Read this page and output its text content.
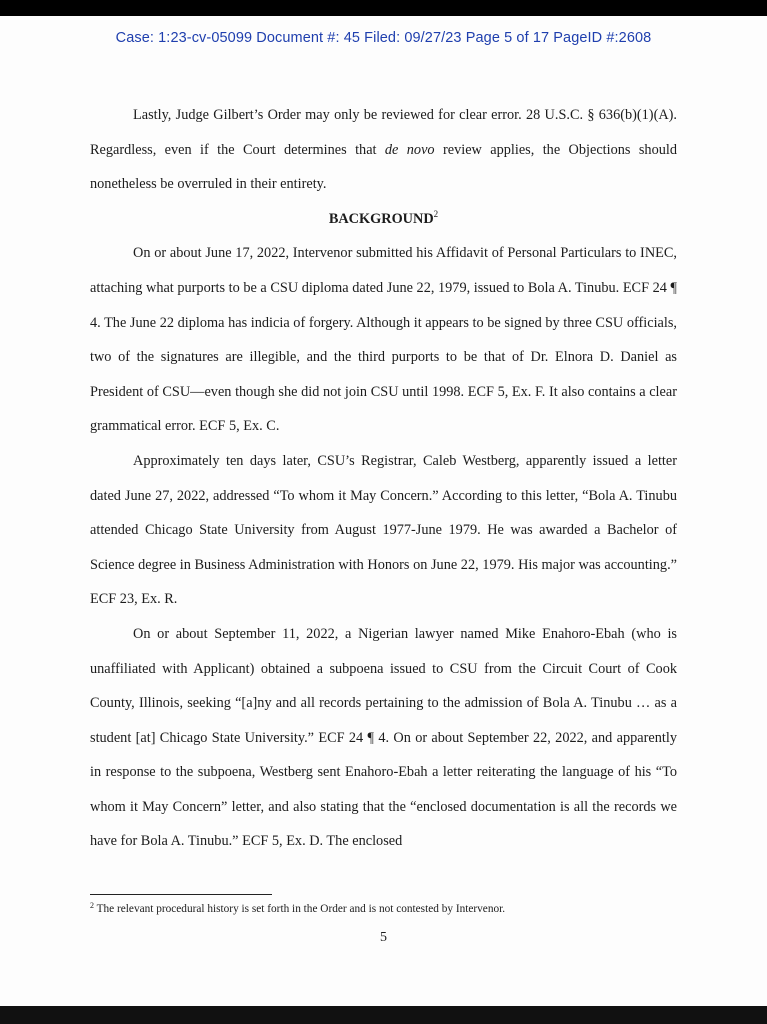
Case: 1:23-cv-05099 Document #: 45 Filed: 09/27/23 Page 5 of 17 PageID #:2608

Lastly, Judge Gilbert’s Order may only be reviewed for clear error. 28 U.S.C. § 636(b)(1)(A). Regardless, even if the Court determines that de novo review applies, the Objections should nonetheless be overruled in their entirety.

BACKGROUND$^2$

On or about June 17, 2022, Intervenor submitted his Affidavit of Personal Particulars to INEC, attaching what purports to be a CSU diploma dated June 22, 1979, issued to Bola A. Tinubu. ECF 24 ¶ 4. The June 22 diploma has indicia of forgery. Although it appears to be signed by three CSU officials, two of the signatures are illegible, and the third purports to be that of Dr. Elnora D. Daniel as President of CSU—even though she did not join CSU until 1998. ECF 5, Ex. F. It also contains a clear grammatical error. ECF 5, Ex. C.

Approximately ten days later, CSU’s Registrar, Caleb Westberg, apparently issued a letter dated June 27, 2022, addressed “To whom it May Concern.” According to this letter, “Bola A. Tinubu attended Chicago State University from August 1977-June 1979. He was awarded a Bachelor of Science degree in Business Administration with Honors on June 22, 1979. His major was accounting.” ECF 23, Ex. R.

On or about September 11, 2022, a Nigerian lawyer named Mike Enahoro-Ebah (who is unaffiliated with Applicant) obtained a subpoena issued to CSU from the Circuit Court of Cook County, Illinois, seeking “[a]ny and all records pertaining to the admission of Bola A. Tinubu … as a student [at] Chicago State University.” ECF 24 ¶ 4. On or about September 22, 2022, and apparently in response to the subpoena, Westberg sent Enahoro-Ebah a letter reiterating the language of his “To whom it May Concern” letter, and also stating that the “enclosed documentation is all the records we have for Bola A. Tinubu.” ECF 5, Ex. D. The enclosed

$^2$ The relevant procedural history is set forth in the Order and is not contested by Intervenor.
5
